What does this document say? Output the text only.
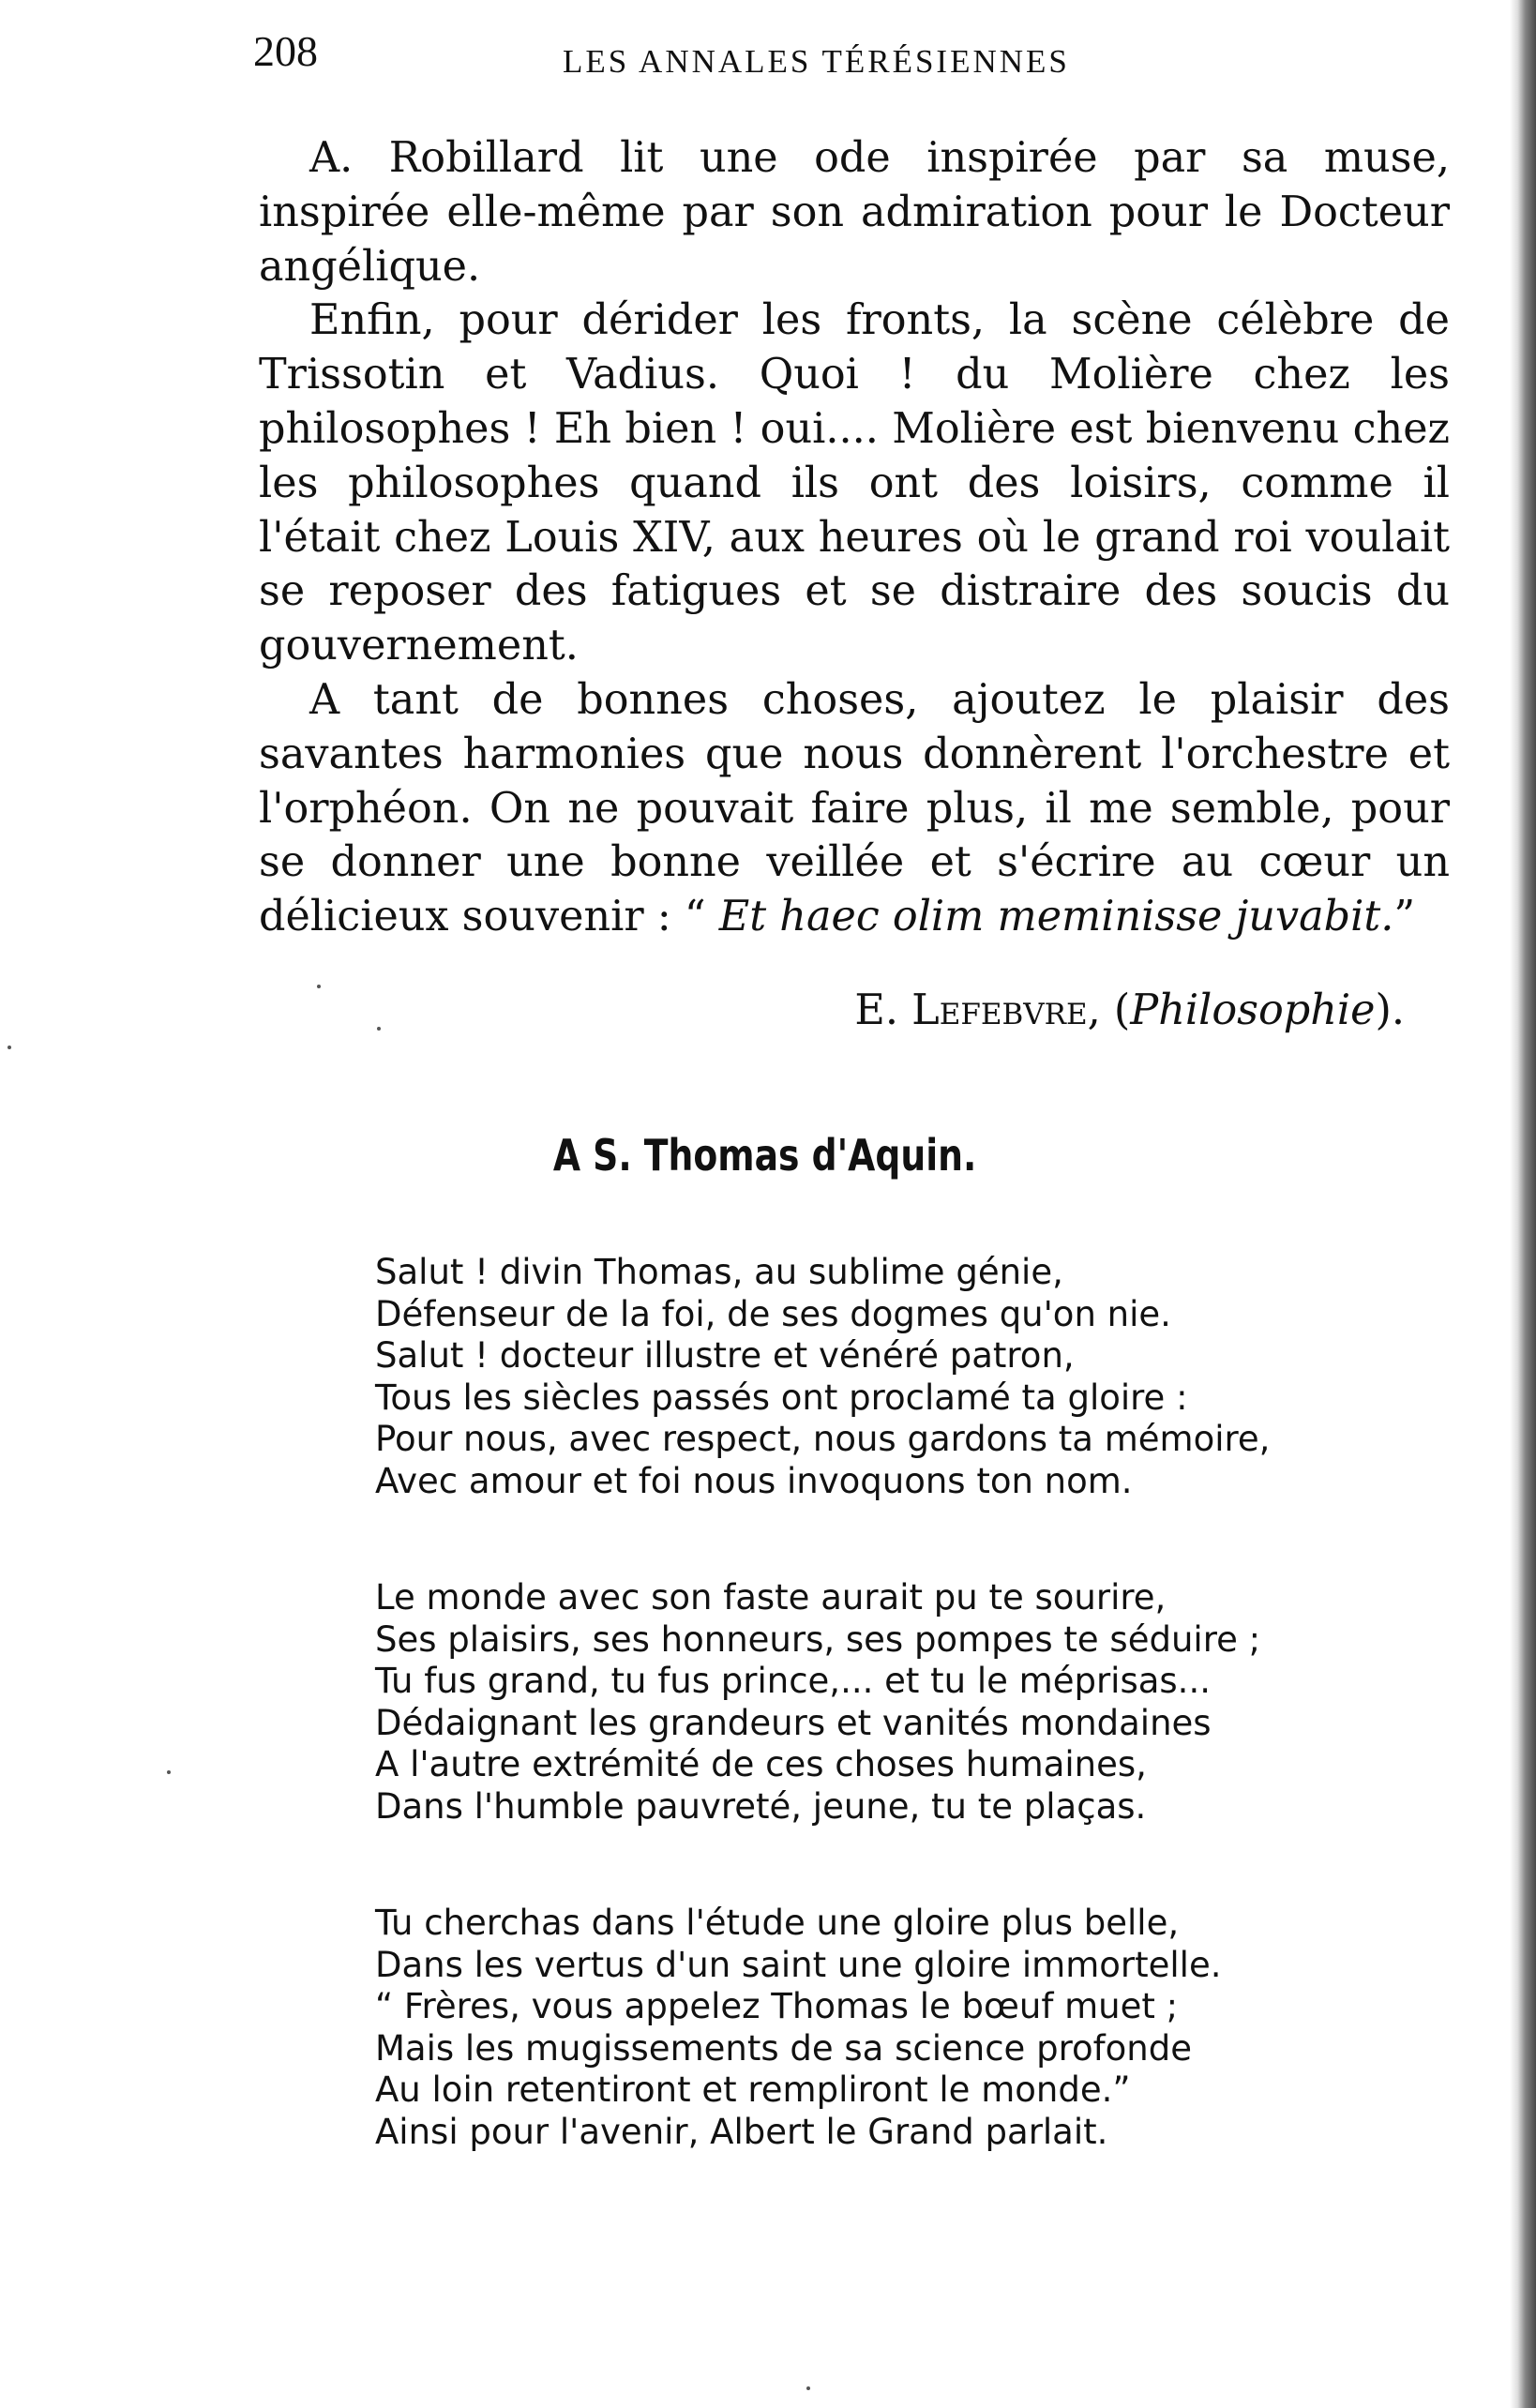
208	LES ANNALES TÉRÉSIENNES

A. Robillard lit une ode inspirée par sa muse, inspirée elle-même par son admiration pour le Docteur angélique.

Enfin, pour dérider les fronts, la scène célèbre de Trissotin et Vadius. Quoi ! du Molière chez les philosophes ! Eh bien ! oui.... Molière est bienvenu chez les philosophes quand ils ont des loisirs, comme il l'était chez Louis XIV, aux heures où le grand roi voulait se reposer des fatigues et se distraire des soucis du gouvernement.

A tant de bonnes choses, ajoutez le plaisir des savantes harmonies que nous donnèrent l'orchestre et l'orphéon. On ne pouvait faire plus, il me semble, pour se donner une bonne veillée et s'écrire au cœur un délicieux souvenir : “ Et haec olim meminisse juvabit.”

E. Lefebvre, (Philosophie).
A S. Thomas d'Aquin.
Salut ! divin Thomas, au sublime génie,
Défenseur de la foi, de ses dogmes qu'on nie.
Salut ! docteur illustre et vénéré patron,
Tous les siècles passés ont proclamé ta gloire :
Pour nous, avec respect, nous gardons ta mémoire,
Avec amour et foi nous invoquons ton nom.
Le monde avec son faste aurait pu te sourire,
Ses plaisirs, ses honneurs, ses pompes te séduire ;
Tu fus grand, tu fus prince,... et tu le méprisas...
Dédaignant les grandeurs et vanités mondaines
A l'autre extrémité de ces choses humaines,
Dans l'humble pauvreté, jeune, tu te plaças.
Tu cherchas dans l'étude une gloire plus belle,
Dans les vertus d'un saint une gloire immortelle.
“ Frères, vous appelez Thomas le bœuf muet ;
Mais les mugissements de sa science profonde
Au loin retentiront et rempliront le monde.”
Ainsi pour l'avenir, Albert le Grand parlait.
